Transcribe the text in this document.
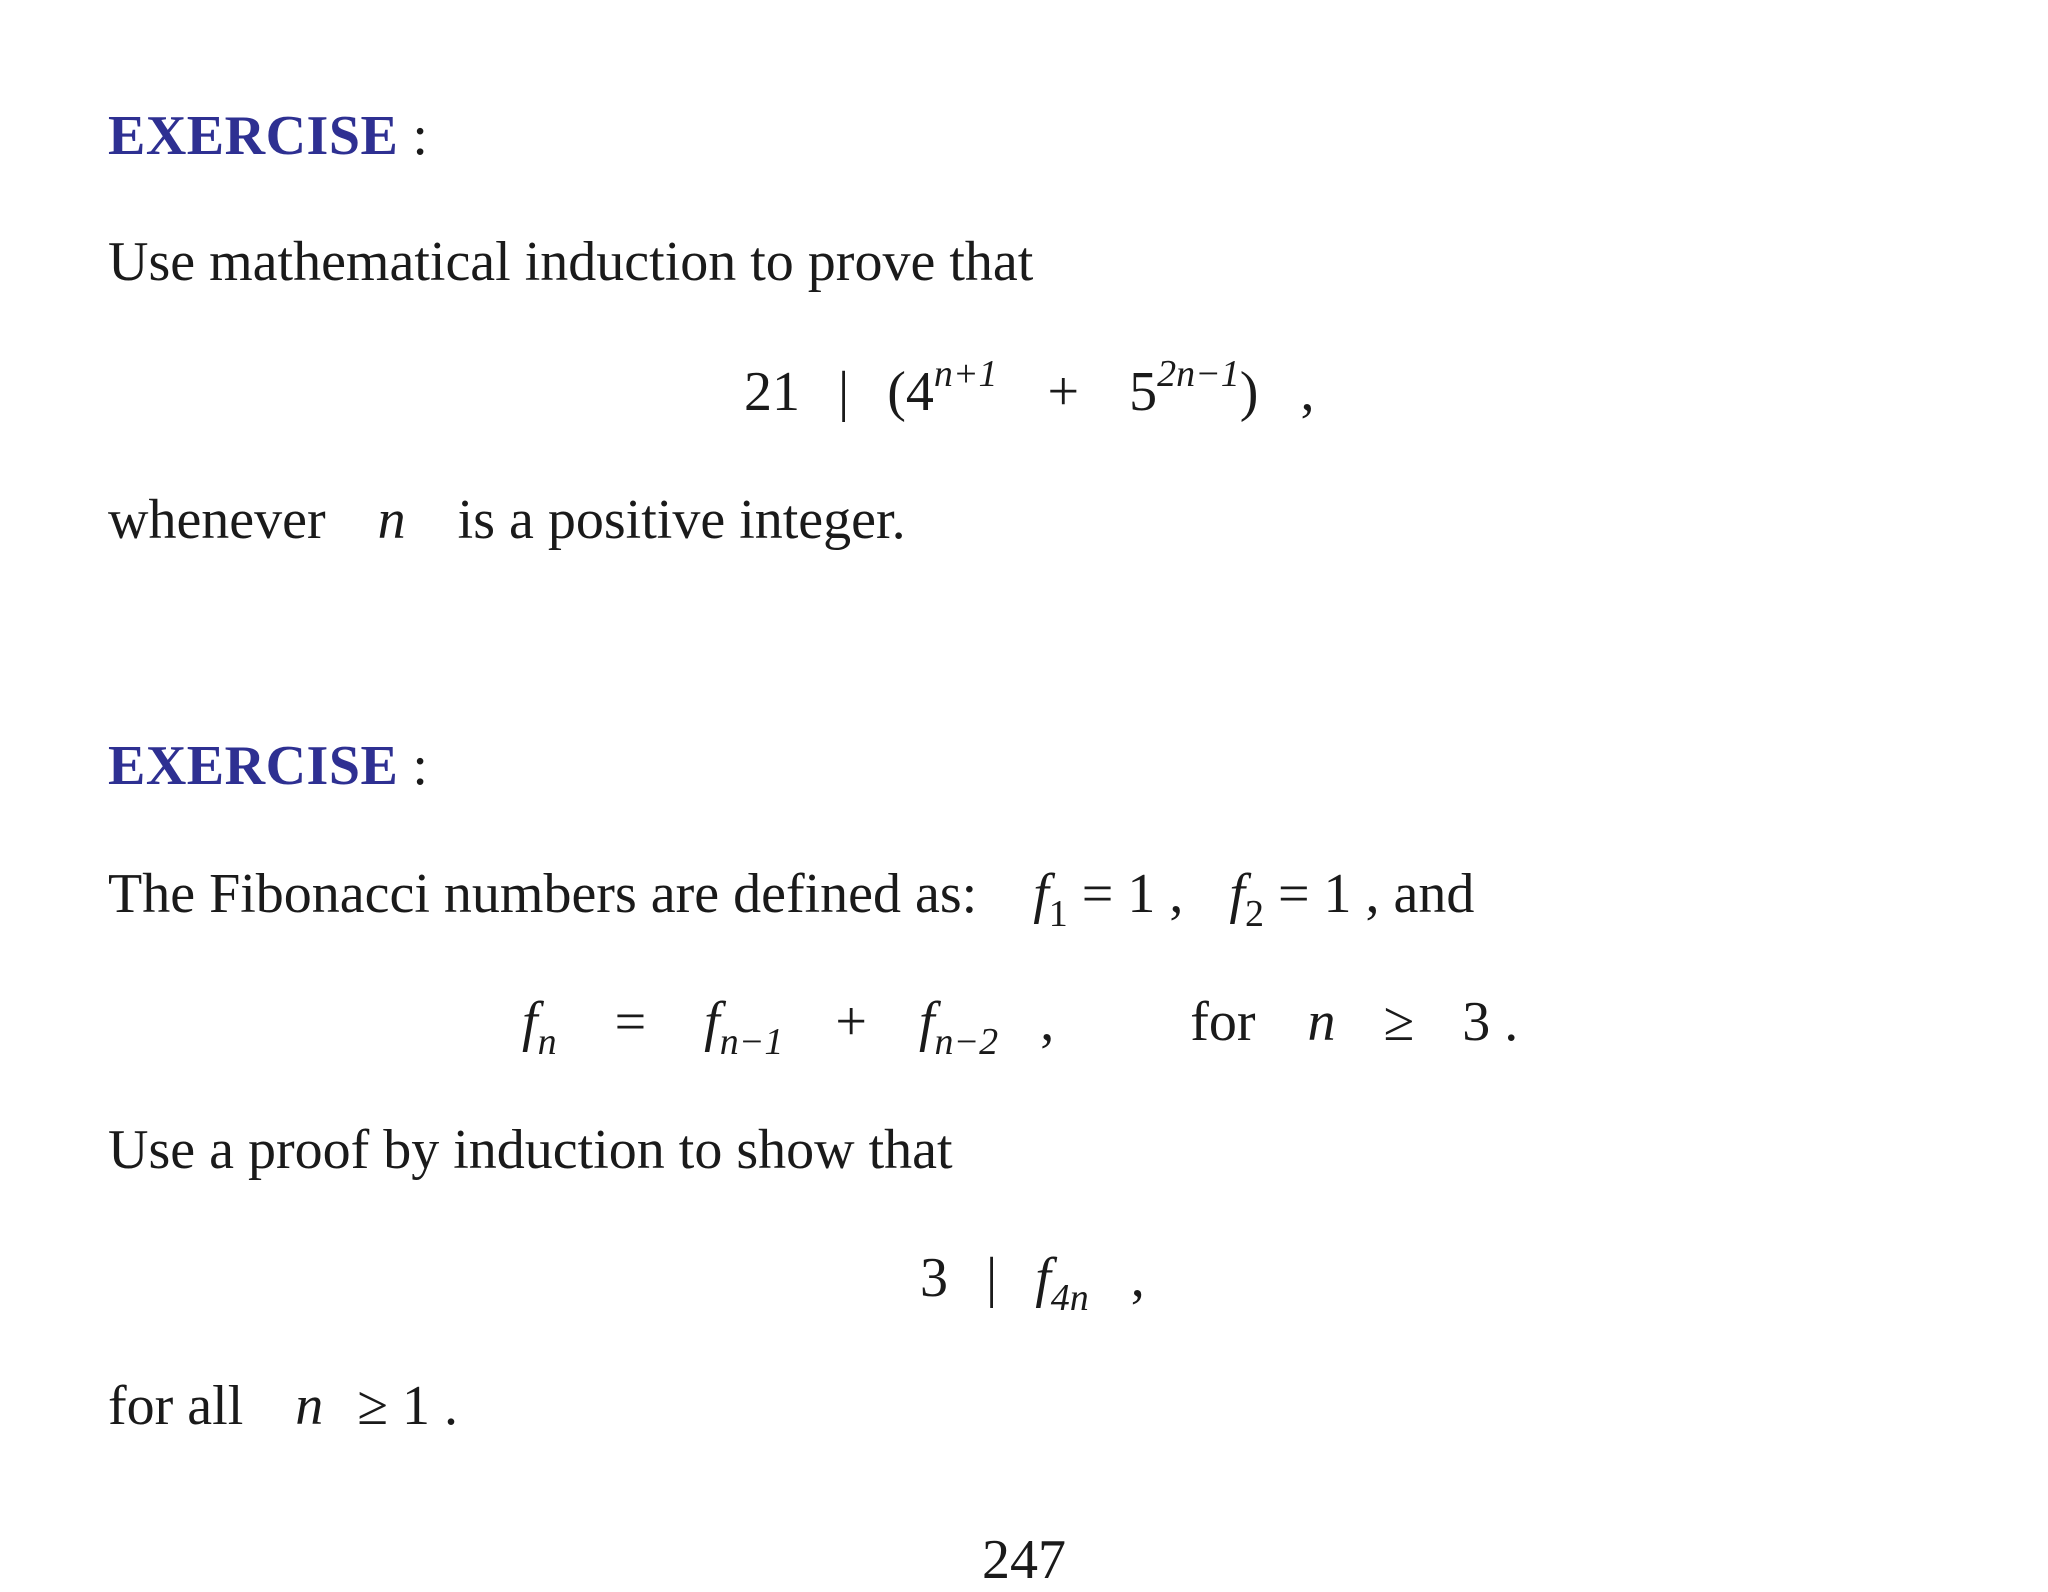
EXERCISE :
Use mathematical induction to prove that
21 | $(4^{n+1} + 5^{2n-1})$ ,
whenever n is a positive integer.
EXERCISE :
The Fibonacci numbers are defined as: $f_1 = 1$ , $f_2 = 1$ , and
$f_n = f_{n-1} + f_{n-2}$ , for n ≥ 3 .
Use a proof by induction to show that
3 | $f_{4n}$ ,
for all n ≥ 1 .
247
